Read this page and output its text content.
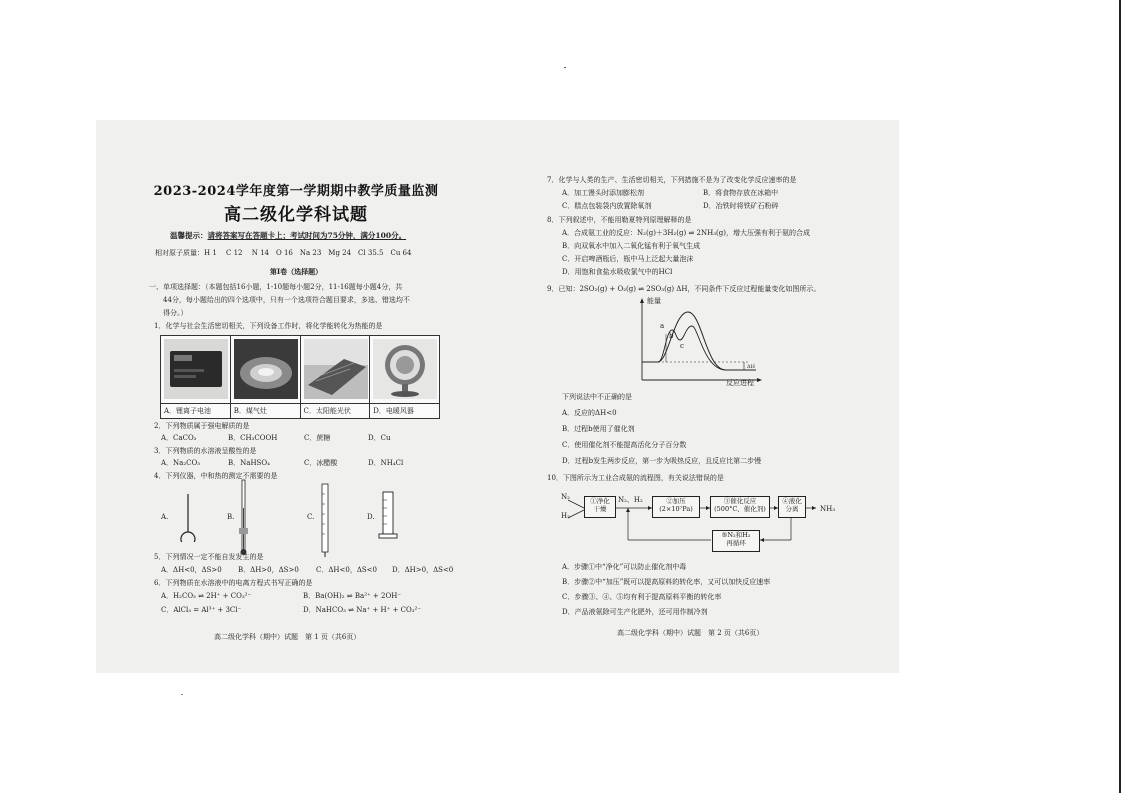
2023-2024学年度第一学期期中教学质量监测
高二级化学科试题
温馨提示：请将答案写在答题卡上；考试时间为75分钟，满分100分。
相对原子质量：H 1　 C 12　 N 14　O 16　Na 23　Mg 24　Cl 35.5　Cu 64
第Ⅰ卷（选择题）
一、单项选择题：（本题包括16小题，1-10题每小题2分，11-16题每小题4分，共
　　44分，每小题给出的四个选项中，只有一个选项符合题目要求，多选、错选均不
　　得分。）
1．化学与社会生活密切相关，下列设备工作时，将化学能转化为热能的是
A．锂离子电池	B．煤气灶	C．太阳能光伏	D．电暖风器
2．下列物质属于强电解质的是
A．CaCO₃	B．CH₃COOH	C．蔗糖	D．Cu
3．下列物质的水溶液呈酸性的是
A．Na₂CO₃	B．NaHSO₄	C．冰醋酸	D．NH₄Cl
4．下列仪器，中和热的测定不需要的是
A.	B.	C.	D.
5．下列情况一定不能自发发生的是
A．ΔH<0，ΔS>0 B．ΔH>0，ΔS>0 C．ΔH<0，ΔS<0 D．ΔH>0，ΔS<0
6．下列物质在水溶液中的电离方程式书写正确的是
A．H₂CO₃ ⇌ 2H⁺ + CO₃²⁻	B．Ba(OH)₂ ⇌ Ba²⁺ + 2OH⁻
C．AlCl₃ = Al³⁺ + 3Cl⁻	D．NaHCO₃ ⇌ Na⁺ + H⁺ + CO₃²⁻
高二级化学科（期中）试题　第 1 页（共6页）
7．化学与人类的生产、生活密切相关，下列措施不是为了改变化学反应速率的是
A．加工馒头时添加膨松剂	B．将食物存放在冰箱中
C．糕点包装袋内放置除氧剂	D．冶铁时将铁矿石粉碎
8．下列叙述中，不能用勒夏特列原理解释的是
A．合成氨工业的反应：N₂(g)＋3H₂(g) ⇌ 2NH₃(g)，增大压强有利于氨的合成
B．向双氧水中加入二氧化锰有利于氧气生成
C．开启啤酒瓶后，瓶中马上泛起大量泡沫
D．用饱和食盐水吸收氯气中的HCl
9．已知：2SO₂(g) + O₂(g) ⇌ 2SO₃(g) ΔH，不同条件下反应过程能量变化如图所示。
a
b
c
ΔH
能量
反应进程
下列说法中不正确的是
A．反应的ΔH<0
B．过程b使用了催化剂
C．使用催化剂不能提高活化分子百分数
D．过程b发生两步反应，第一步为吸热反应，且反应比第二步慢
10．下图所示为工业合成氨的流程图，有关说法错误的是
N₂
H₂
N₂、H₂
①净化
干燥
②加压
(2×10⁷Pa)
③催化反应
(500°C、催化剂)
④液化
分离	NH₃
⑤N₂和H₂
再循环
A．步骤①中“净化”可以防止催化剂中毒
B．步骤②中“加压”既可以提高原料的转化率，又可以加快反应速率
C．步骤③、④、⑤均有利于提高原料平衡的转化率
D．产品液氨除可生产化肥外，还可用作制冷剂
高二级化学科（期中）试题　第 2 页（共6页）
